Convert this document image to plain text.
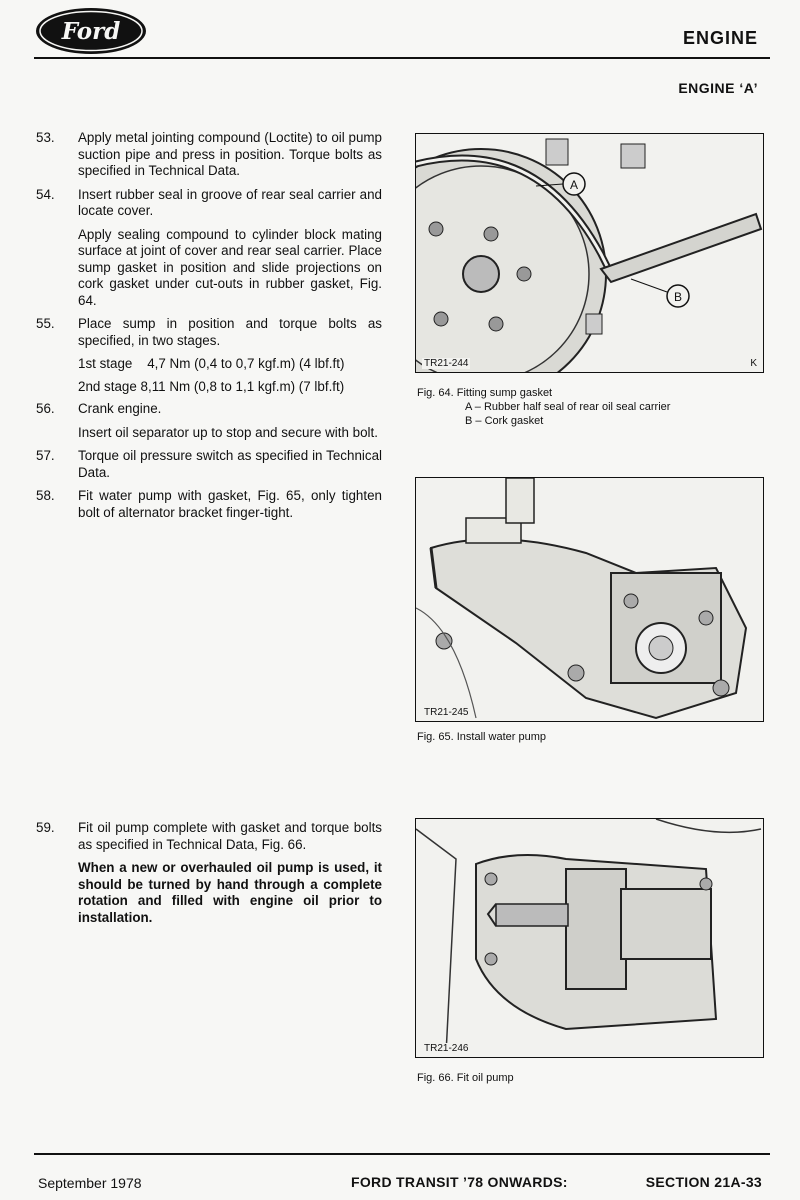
Ford	ENGINE
ENGINE ‘A’
53.	Apply metal jointing compound (Loctite) to oil pump suction pipe and press in position. Torque bolts as specified in Technical Data.
54.	Insert rubber seal in groove of rear seal carrier and locate cover.
Apply sealing compound to cylinder block mating surface at joint of cover and rear seal carrier. Place sump gasket in position and slide projections on cork gasket under cut-outs in rubber gasket, Fig. 64.
55.	Place sump in position and torque bolts as specified, in two stages.
1st stage    4,7 Nm (0,4 to 0,7 kgf.m) (4 lbf.ft)
2nd stage 8,11 Nm (0,8 to 1,1 kgf.m) (7 lbf.ft)
56.	Crank engine.
Insert oil separator up to stop and secure with bolt.
57.	Torque oil pressure switch as specified in Technical Data.
58.	Fit water pump with gasket, Fig. 65, only tighten bolt of alternator bracket finger-tight.
59.	Fit oil pump complete with gasket and torque bolts as specified in Technical Data, Fig. 66.
When a new or overhauled oil pump is used, it should be turned by hand through a complete rotation and filled with engine oil prior to installation.
A
B
TR21-244	K
Fig. 64. Fitting sump gasket
A – Rubber half seal of rear oil seal carrier
B – Cork gasket
TR21-245
Fig. 65. Install water pump
TR21-246
Fig. 66. Fit oil pump
September 1978	FORD TRANSIT ’78 ONWARDS:	SECTION 21A-33
